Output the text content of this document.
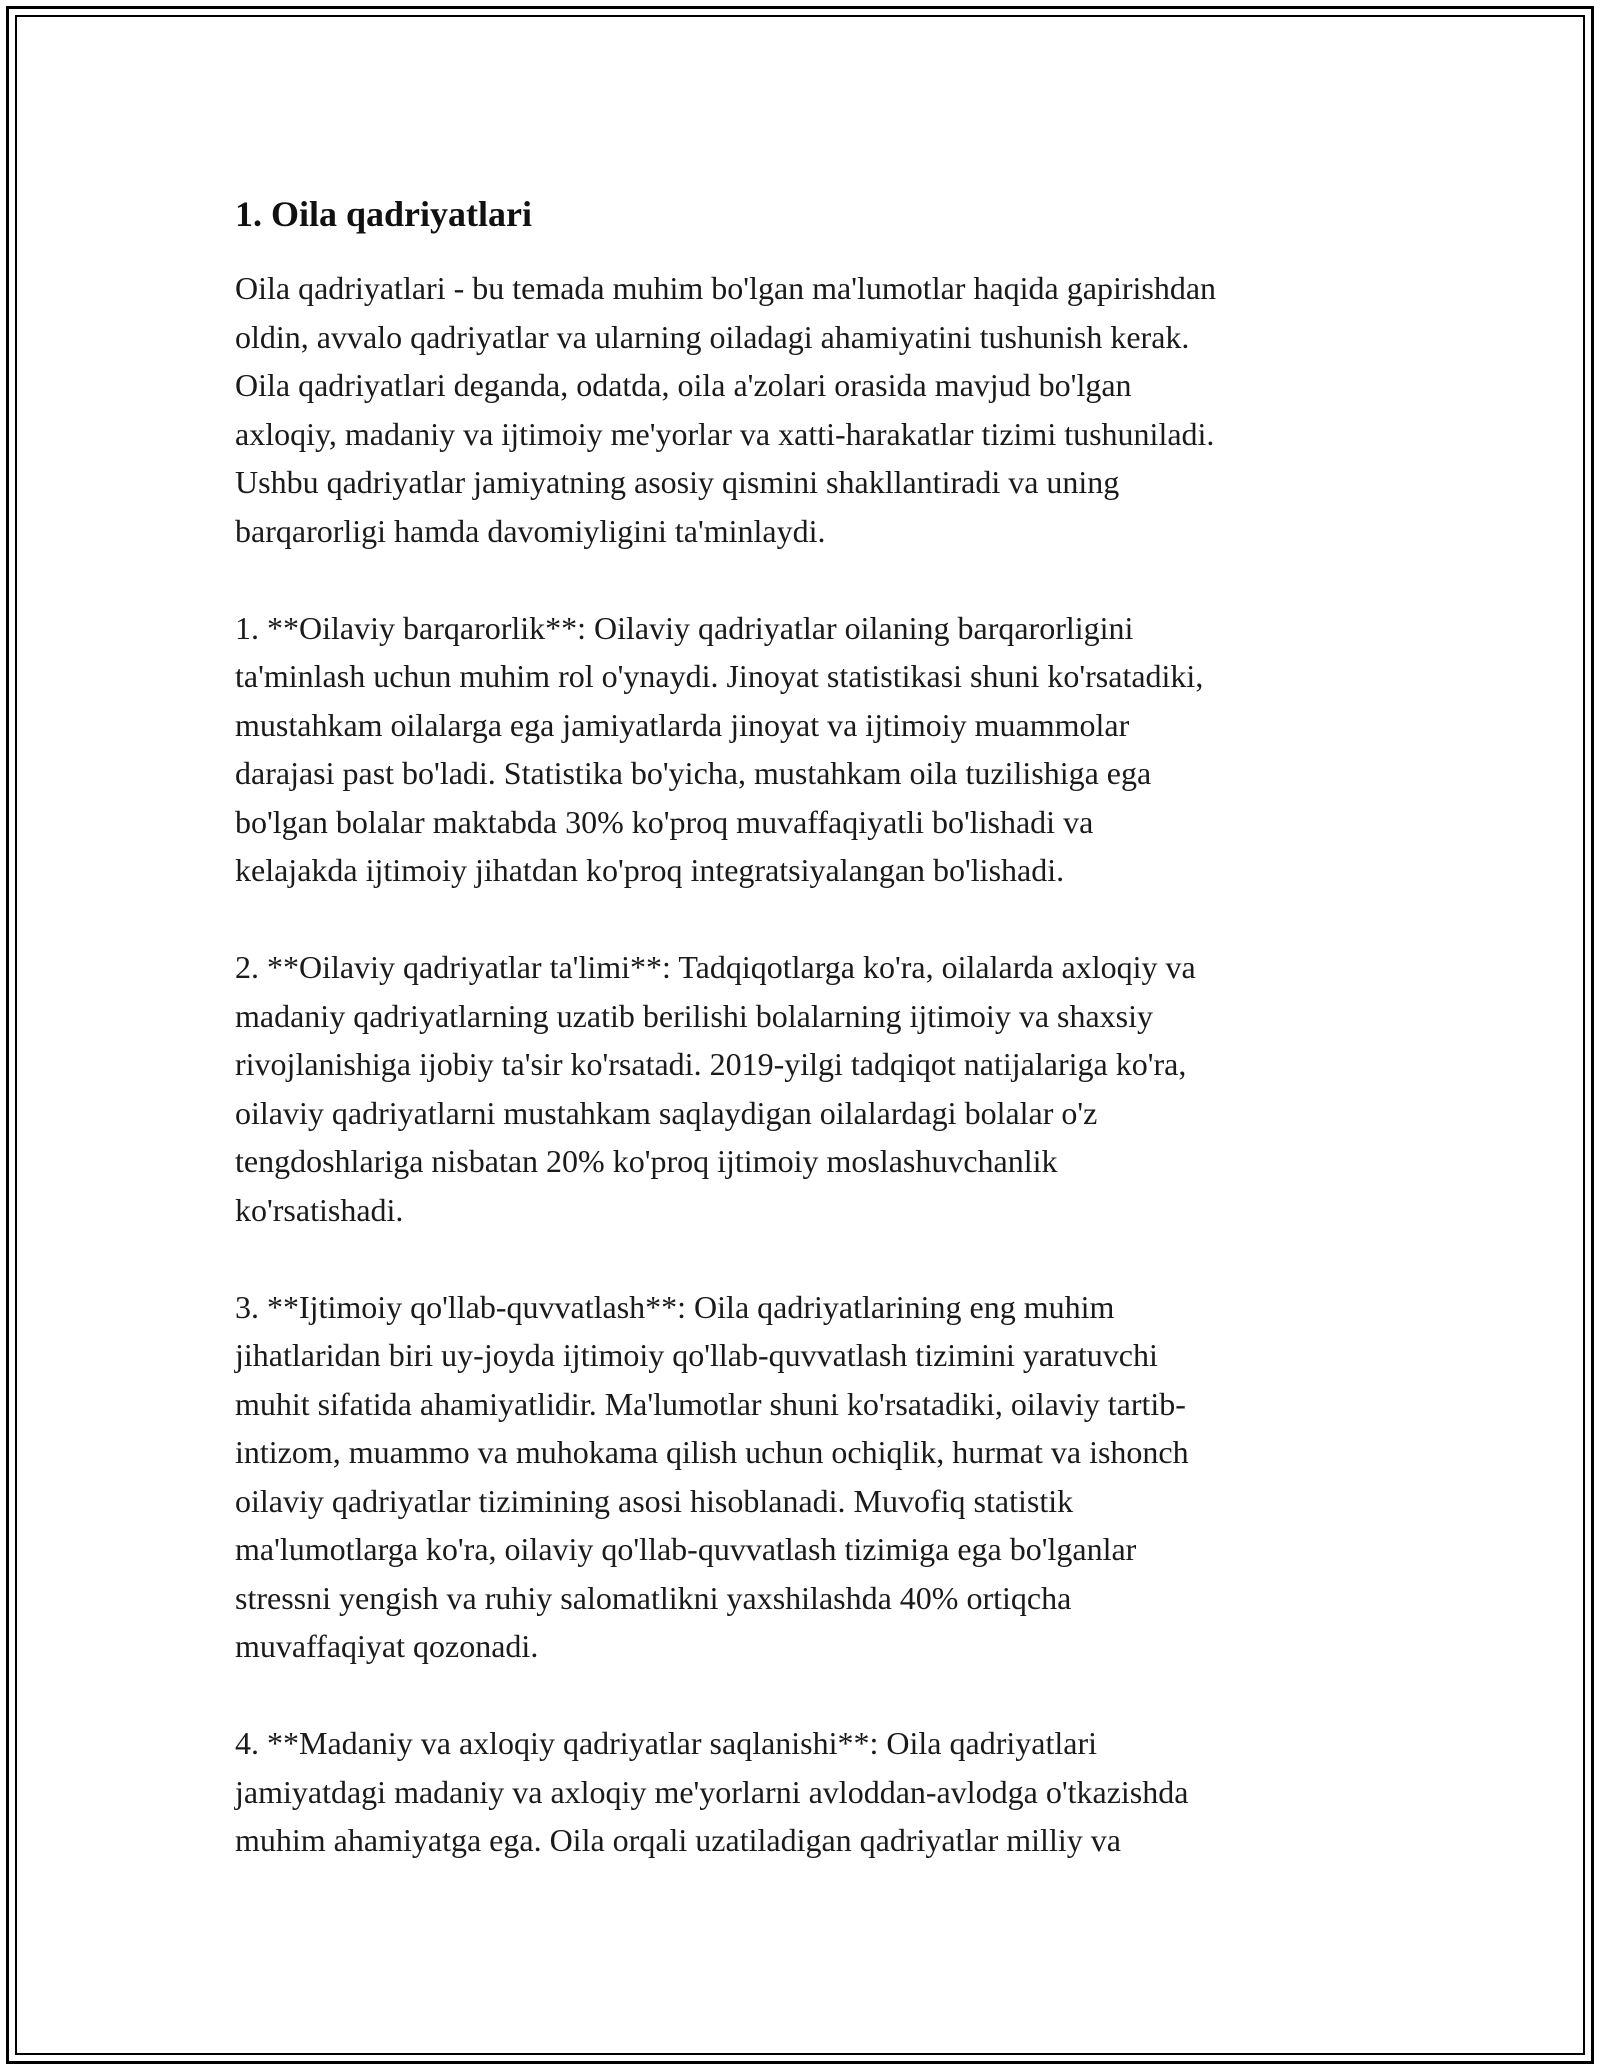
1. Oila qadriyatlari

Oila qadriyatlari - bu temada muhim bo'lgan ma'lumotlar haqida gapirishdan
oldin, avvalo qadriyatlar va ularning oiladagi ahamiyatini tushunish kerak.
Oila qadriyatlari deganda, odatda, oila a'zolari orasida mavjud bo'lgan
axloqiy, madaniy va ijtimoiy me'yorlar va xatti-harakatlar tizimi tushuniladi.
Ushbu qadriyatlar jamiyatning asosiy qismini shakllantiradi va uning
barqarorligi hamda davomiyligini ta'minlaydi.

1. **Oilaviy barqarorlik**: Oilaviy qadriyatlar oilaning barqarorligini
ta'minlash uchun muhim rol o'ynaydi. Jinoyat statistikasi shuni ko'rsatadiki,
mustahkam oilalarga ega jamiyatlarda jinoyat va ijtimoiy muammolar
darajasi past bo'ladi. Statistika bo'yicha, mustahkam oila tuzilishiga ega
bo'lgan bolalar maktabda 30% ko'proq muvaffaqiyatli bo'lishadi va
kelajakda ijtimoiy jihatdan ko'proq integratsiyalangan bo'lishadi.

2. **Oilaviy qadriyatlar ta'limi**: Tadqiqotlarga ko'ra, oilalarda axloqiy va
madaniy qadriyatlarning uzatib berilishi bolalarning ijtimoiy va shaxsiy
rivojlanishiga ijobiy ta'sir ko'rsatadi. 2019-yilgi tadqiqot natijalariga ko'ra,
oilaviy qadriyatlarni mustahkam saqlaydigan oilalardagi bolalar o'z
tengdoshlariga nisbatan 20% ko'proq ijtimoiy moslashuvchanlik
ko'rsatishadi.

3. **Ijtimoiy qo'llab-quvvatlash**: Oila qadriyatlarining eng muhim
jihatlaridan biri uy-joyda ijtimoiy qo'llab-quvvatlash tizimini yaratuvchi
muhit sifatida ahamiyatlidir. Ma'lumotlar shuni ko'rsatadiki, oilaviy tartib-
intizom, muammo va muhokama qilish uchun ochiqlik, hurmat va ishonch
oilaviy qadriyatlar tizimining asosi hisoblanadi. Muvofiq statistik
ma'lumotlarga ko'ra, oilaviy qo'llab-quvvatlash tizimiga ega bo'lganlar
stressni yengish va ruhiy salomatlikni yaxshilashda 40% ortiqcha
muvaffaqiyat qozonadi.

4. **Madaniy va axloqiy qadriyatlar saqlanishi**: Oila qadriyatlari
jamiyatdagi madaniy va axloqiy me'yorlarni avloddan-avlodga o'tkazishda
muhim ahamiyatga ega. Oila orqali uzatiladigan qadriyatlar milliy va
